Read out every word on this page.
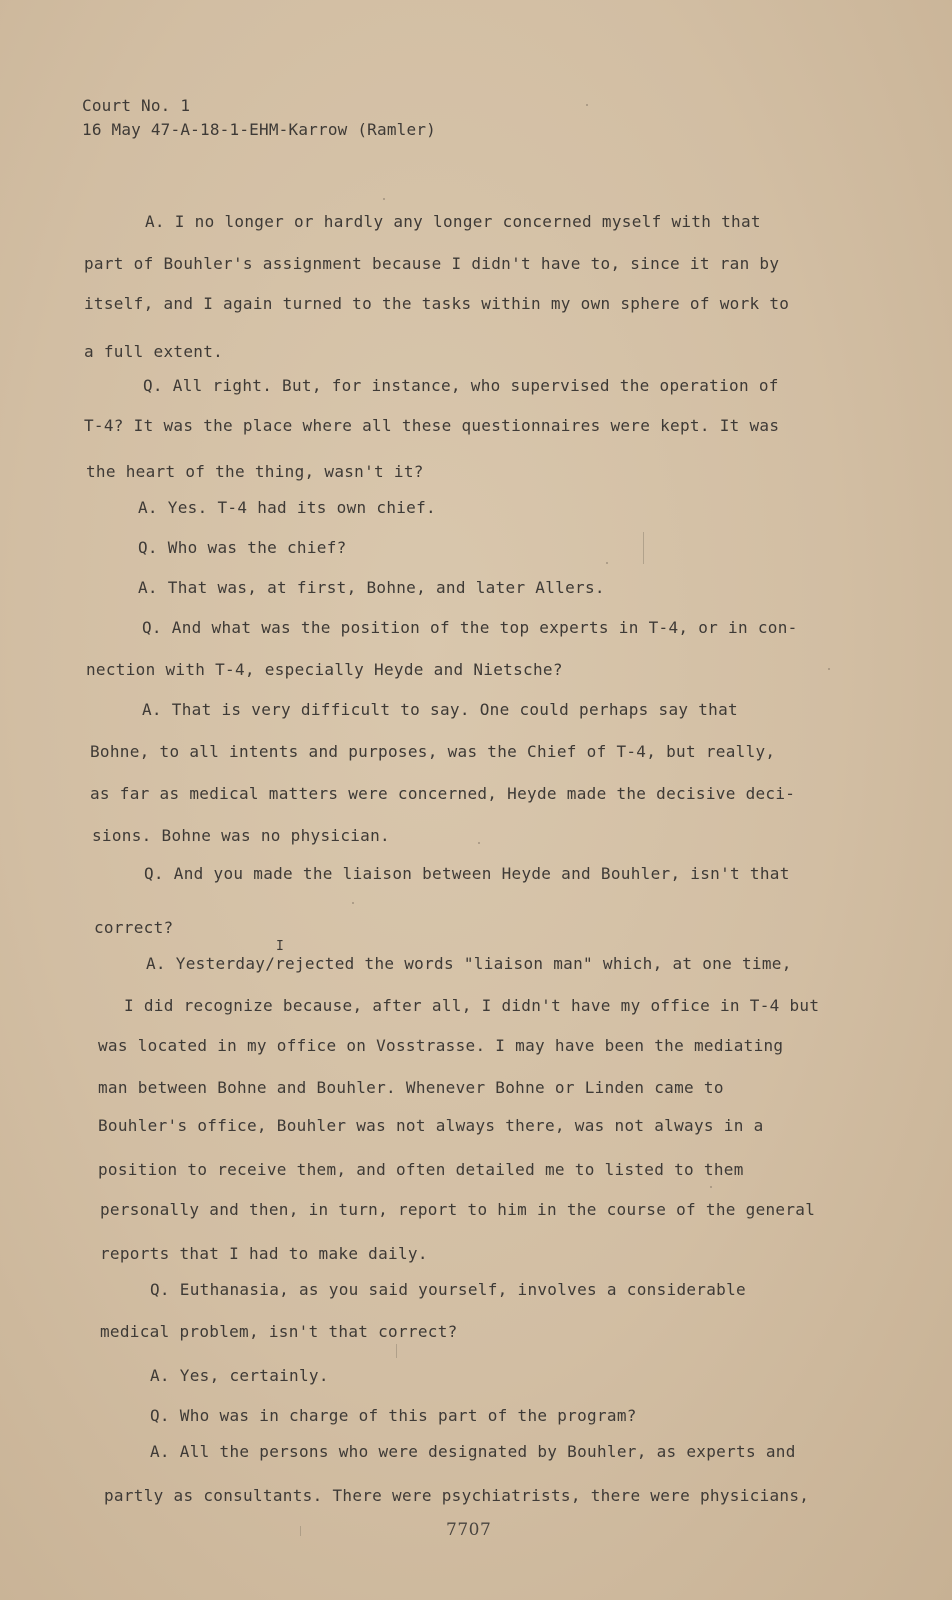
Court No. 1
16 May 47-A-18-1-EHM-Karrow (Ramler)
A. I no longer or hardly any longer concerned myself with that
part of Bouhler's assignment because I didn't have to, since it ran by
itself, and I again turned to the tasks within my own sphere of work to
a full extent.
Q. All right. But, for instance, who supervised the operation of
T-4? It was the place where all these questionnaires were kept. It was
the heart of the thing, wasn't it?
A. Yes. T-4 had its own chief.
Q. Who was the chief?
A. That was, at first, Bohne, and later Allers.
Q. And what was the position of the top experts in T-4, or in con-
nection with T-4, especially Heyde and Nietsche?
A. That is very difficult to say. One could perhaps say that
Bohne, to all intents and purposes, was the Chief of T-4, but really,
as far as medical matters were concerned, Heyde made the decisive deci-
sions. Bohne was no physician.
Q. And you made the liaison between Heyde and Bouhler, isn't that
correct?
I
A. Yesterday/rejected the words "liaison man" which, at one time,
I did recognize because, after all, I didn't have my office in T-4 but
was located in my office on Vosstrasse. I may have been the mediating
man between Bohne and Bouhler. Whenever Bohne or Linden came to
Bouhler's office, Bouhler was not always there, was not always in a
position to receive them, and often detailed me to listed to them
personally and then, in turn, report to him in the course of the general
reports that I had to make daily.
Q. Euthanasia, as you said yourself, involves a considerable
medical problem, isn't that correct?
A. Yes, certainly.
Q. Who was in charge of this part of the program?
A. All the persons who were designated by Bouhler, as experts and
partly as consultants. There were psychiatrists, there were physicians,
7707
